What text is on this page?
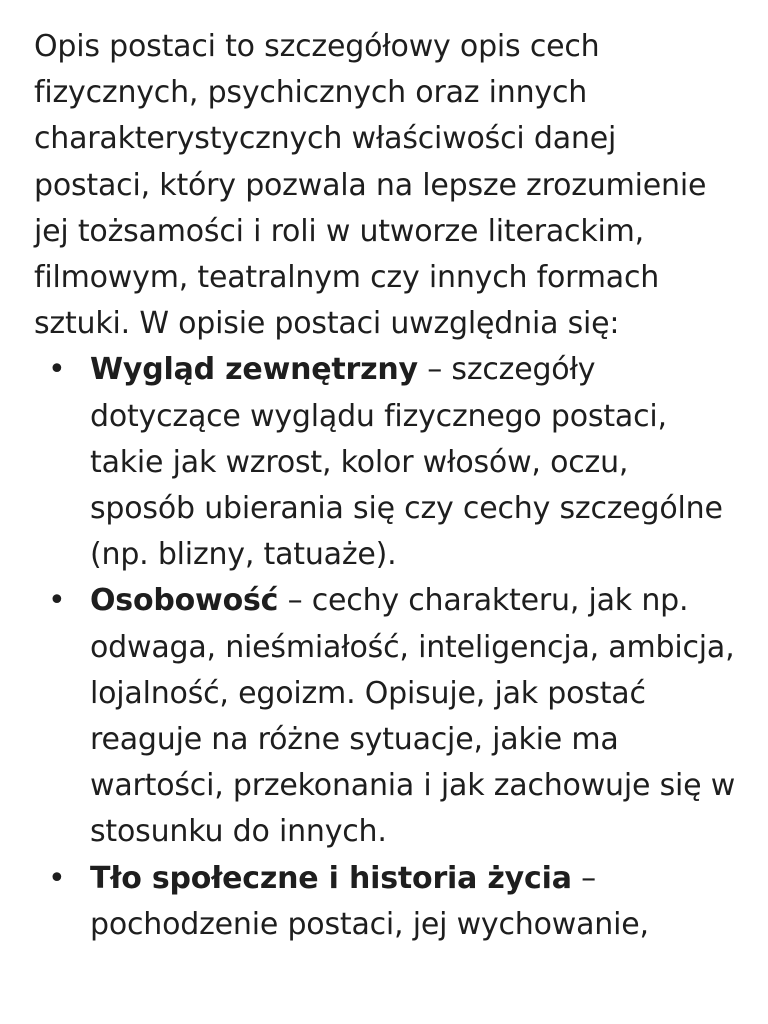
Opis postaci to szczegółowy opis cech fizycznych, psychicznych oraz innych charakterystycznych właściwości danej postaci, który pozwala na lepsze zrozumienie jej tożsamości i roli w utworze literackim, filmowym, teatralnym czy innych formach sztuki. W opisie postaci uwzględnia się:

• Wygląd zewnętrzny – szczegóły dotyczące wyglądu fizycznego postaci, takie jak wzrost, kolor włosów, oczu, sposób ubierania się czy cechy szczególne (np. blizny, tatuaże).
• Osobowość – cechy charakteru, jak np. odwaga, nieśmiałość, inteligencja, ambicja, lojalność, egoizm. Opisuje, jak postać reaguje na różne sytuacje, jakie ma wartości, przekonania i jak zachowuje się w stosunku do innych.
• Tło społeczne i historia życia – pochodzenie postaci, jej wychowanie,
